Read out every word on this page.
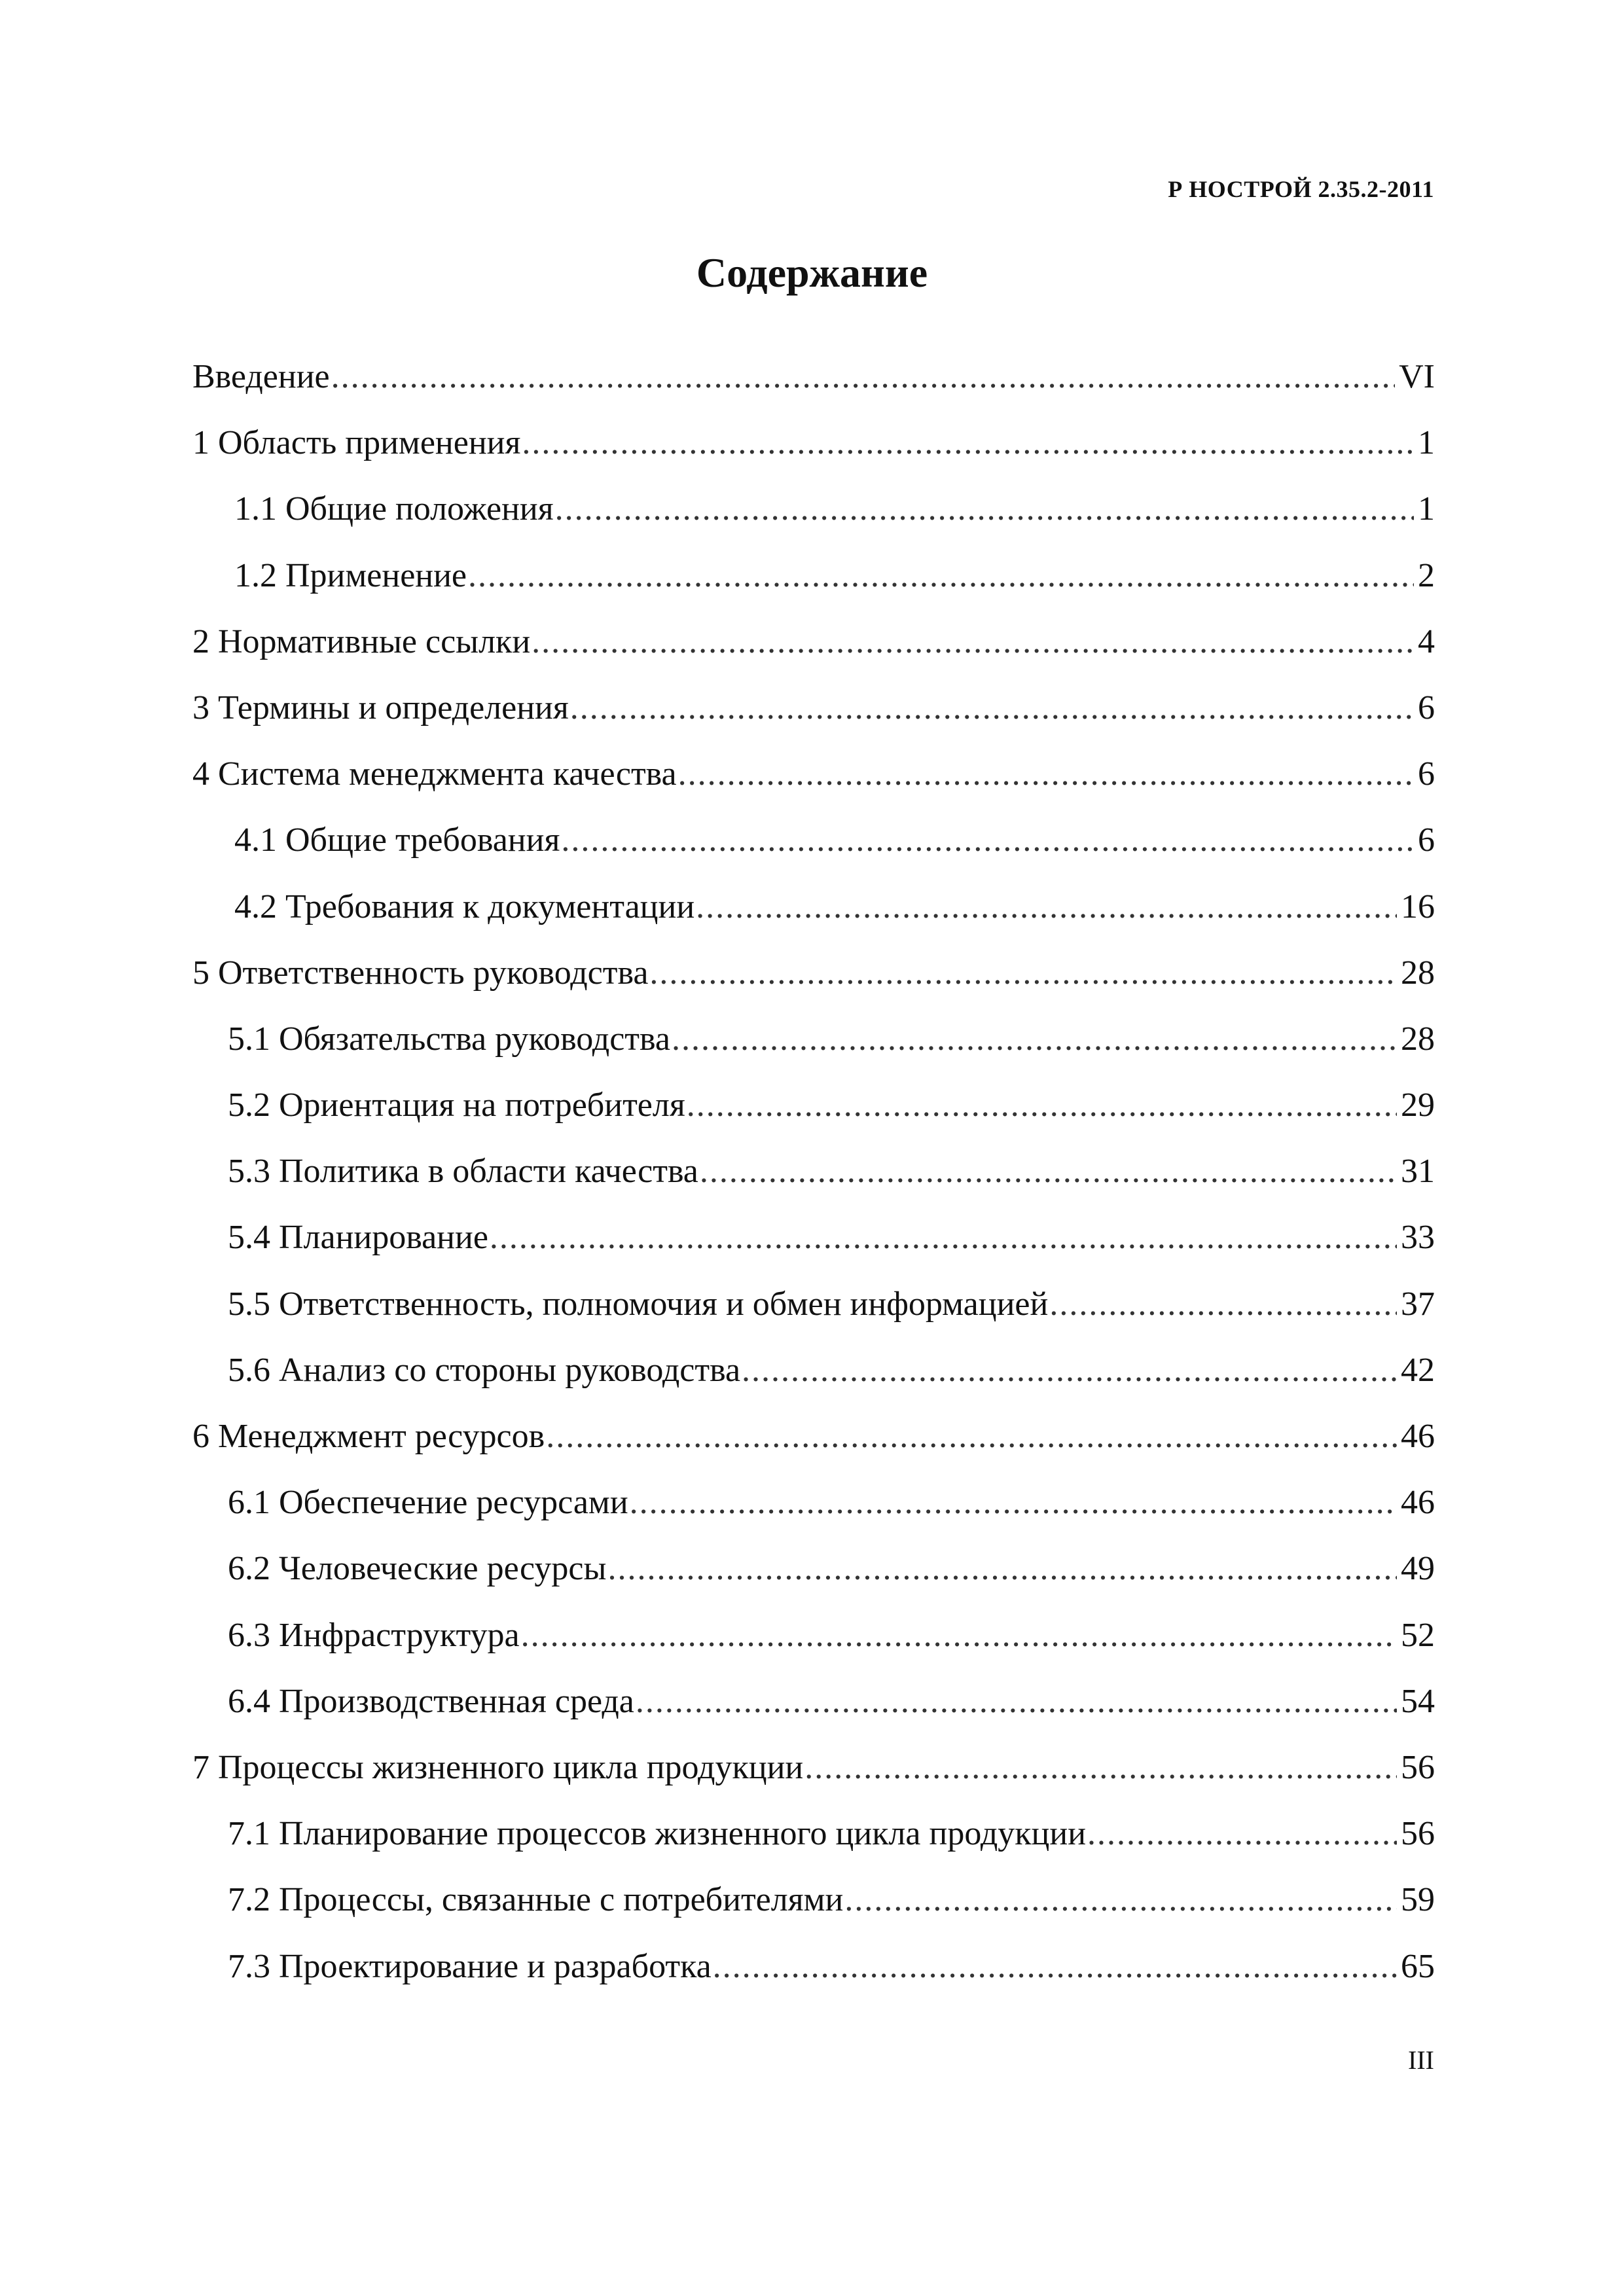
Р НОСТРОЙ 2.35.2-2011
Содержание
Введение .....	VI
1 Область применения .....	1
1.1 Общие положения .....	1
1.2 Применение .....	2
2 Нормативные ссылки .....	4
3 Термины и определения .....	6
4 Система менеджмента качества .....	6
4.1 Общие требования .....	6
4.2 Требования к документации .....	16
5 Ответственность руководства .....	28
5.1 Обязательства руководства .....	28
5.2 Ориентация на потребителя .....	29
5.3 Политика в области качества .....	31
5.4 Планирование .....	33
5.5 Ответственность, полномочия и обмен информацией .....	37
5.6 Анализ со стороны руководства .....	42
6 Менеджмент ресурсов .....	46
6.1 Обеспечение ресурсами .....	46
6.2 Человеческие ресурсы .....	49
6.3 Инфраструктура .....	52
6.4 Производственная среда .....	54
7 Процессы жизненного цикла продукции .....	56
7.1 Планирование процессов жизненного цикла продукции .....	56
7.2 Процессы, связанные с потребителями .....	59
7.3 Проектирование и разработка .....	65
III
